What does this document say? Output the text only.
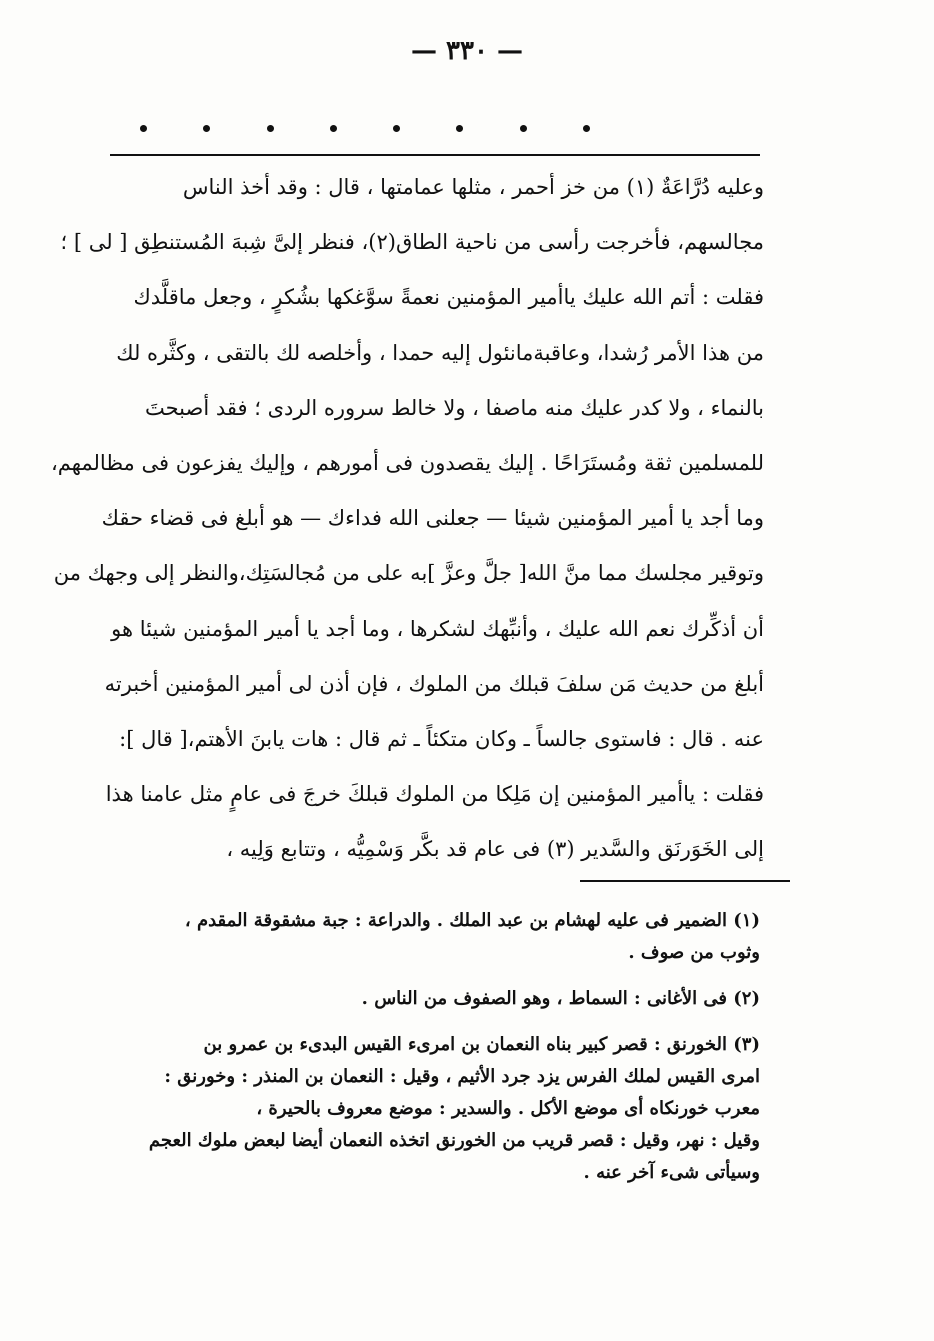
— ٣٣٠ —
وعليه دُرَّاعَةٌ (١) من خز أحمر ، مثلها عمامتها ، قال : وقد أخذ الناس
مجالسهم، فأخرجت رأسى من ناحية الطاق(٢)، فنظر إلىَّ شِبهَ المُستنطِق [ لى ] ؛
فقلت : أتم الله عليك ياأمير المؤمنين نعمةً سوَّغكها بشُكرٍ ، وجعل ماقلَّدك
من هذا الأمر رُشدا، وعاقبةمانئول إليه حمدا ، وأخلصه لك بالتقى ، وكثَّره لك
بالنماء ، ولا كدر عليك منه ماصفا ، ولا خالط سروره الردى ؛ فقد أصبحتَ
للمسلمين ثقة ومُستَرَاحًا . إليك يقصدون فى أمورهم ، وإليك يفزعون فى مظالمهم،
وما أجد يا أمير المؤمنين شيئا — جعلنى الله فداءك — هو أبلغ فى قضاء حقك
وتوقير مجلسك مما منَّ الله[ جلَّ وعزَّ ]به على من مُجالسَتِك،والنظر إلى وجهك من
أن أذكِّرك نعم الله عليك ، وأنبِّهك لشكرها ، وما أجد يا أمير المؤمنين شيئا هو
أبلغ من حديث مَن سلفَ قبلك من الملوك ، فإن أذن لى أمير المؤمنين أخبرته
عنه . قال : فاستوى جالساً ـ وكان متكئاً ـ ثم قال : هات يابنَ الأهتم،[ قال ]:
فقلت : ياأمير المؤمنين إن مَلِكا من الملوك قبلكَ خرجَ فى عامٍ مثل عامنا هذا
إلى الخَوَرنَق والسَّدير (٣) فى عام قد بكَّر وَسْمِيُّه ، وتتابع وَلِيه ،
(١) الضمير فى عليه لهشام بن عبد الملك . والدراعة : جبة مشقوقة المقدم ،
وثوب من صوف .
(٢) فى الأغانى : السماط ، وهو الصفوف من الناس .
(٣) الخورنق : قصر كبير بناه النعمان بن امرىء القيس البدىء بن عمرو بن
امرى القيس لملك الفرس يزد جرد الأثيم ، وقيل : النعمان بن المنذر : وخورنق :
معرب خورنكاه أى موضع الأكل . والسدير : موضع معروف بالحيرة ،
وقيل : نهر، وقيل : قصر قريب من الخورنق اتخذه النعمان أيضا لبعض ملوك العجم
وسيأتى شىء آخر عنه .
